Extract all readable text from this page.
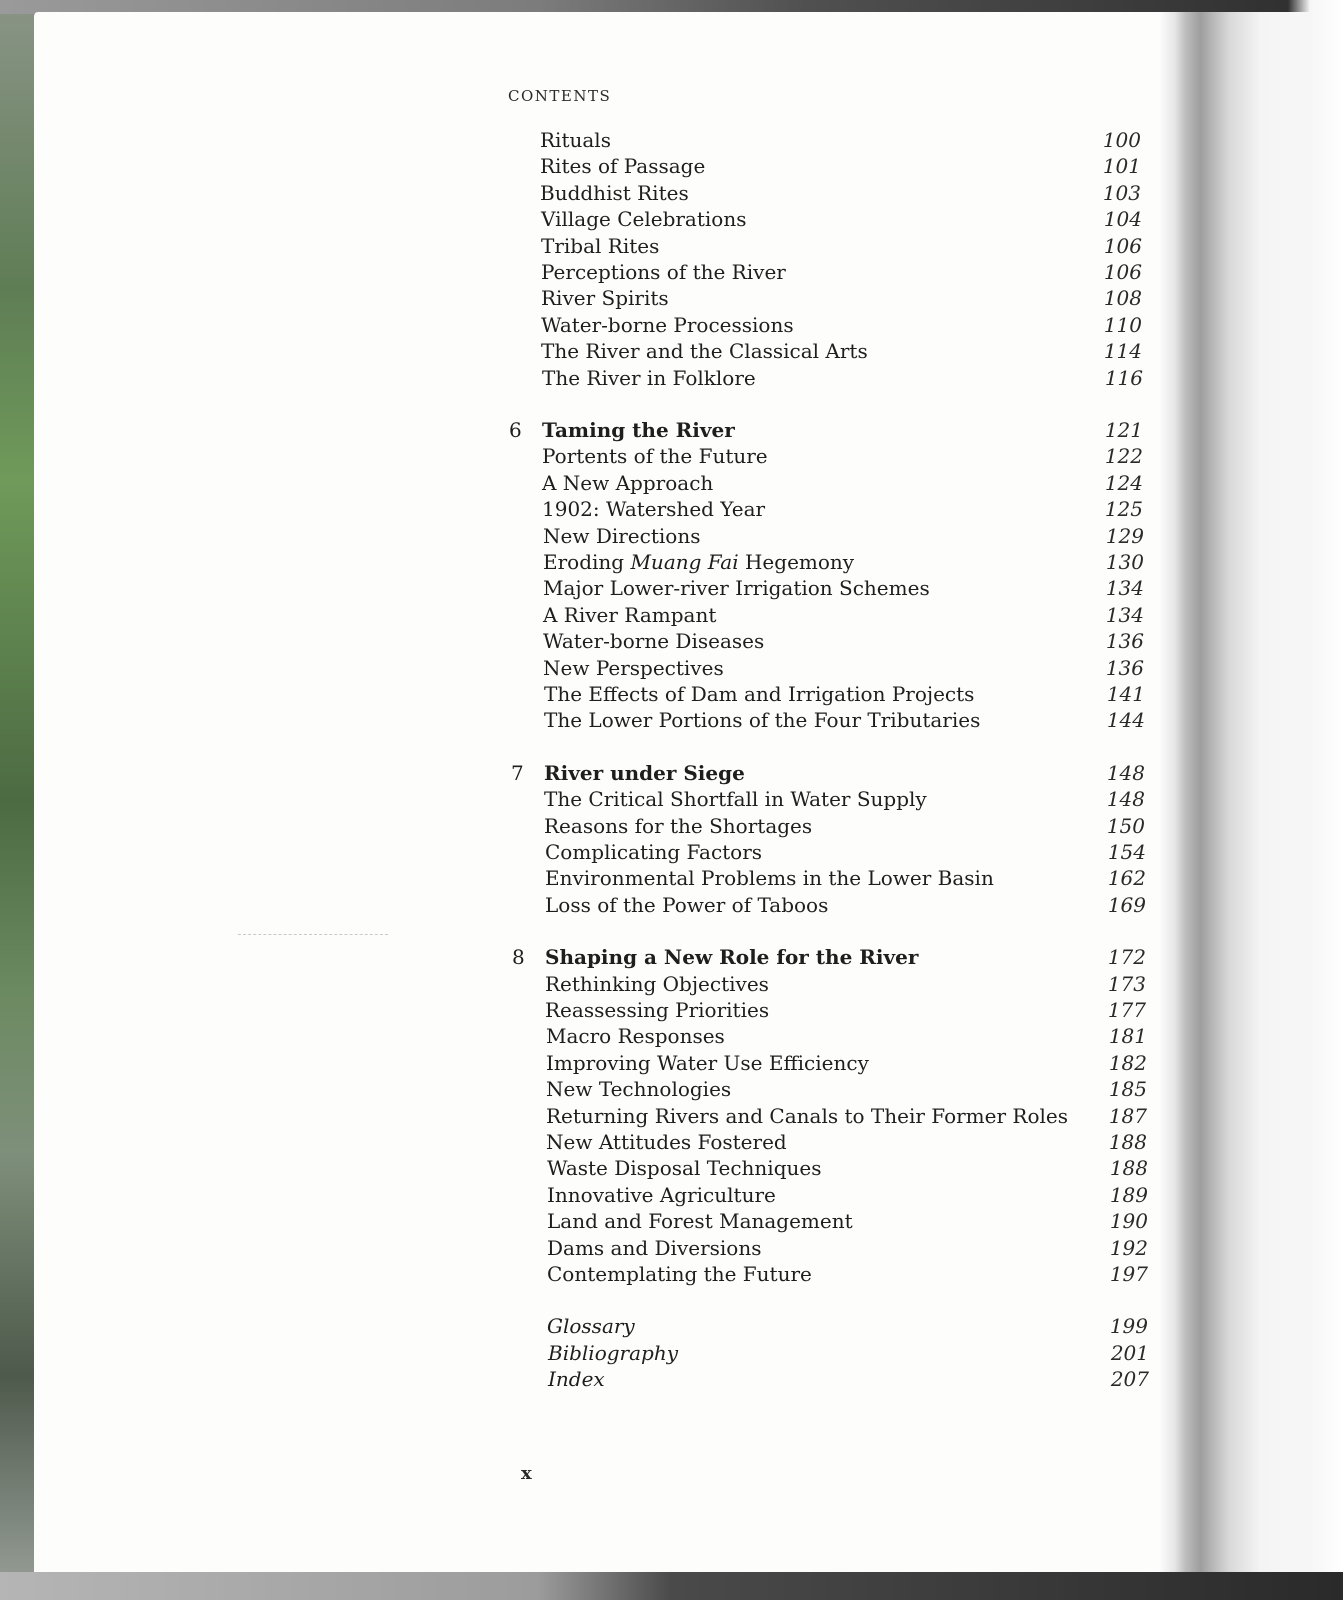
CONTENTS
Rituals	100
Rites of Passage	101
Buddhist Rites	103
Village Celebrations	104
Tribal Rites	106
Perceptions of the River	106
River Spirits	108
Water-borne Processions	110
The River and the Classical Arts	114
The River in Folklore	116
6	Taming the River	121
Portents of the Future	122
A New Approach	124
1902: Watershed Year	125
New Directions	129
Eroding Muang Fai Hegemony	130
Major Lower-river Irrigation Schemes	134
A River Rampant	134
Water-borne Diseases	136
New Perspectives	136
The Effects of Dam and Irrigation Projects	141
The Lower Portions of the Four Tributaries	144
7	River under Siege	148
The Critical Shortfall in Water Supply	148
Reasons for the Shortages	150
Complicating Factors	154
Environmental Problems in the Lower Basin	162
Loss of the Power of Taboos	169
8	Shaping a New Role for the River	172
Rethinking Objectives	173
Reassessing Priorities	177
Macro Responses	181
Improving Water Use Efficiency	182
New Technologies	185
Returning Rivers and Canals to Their Former Roles 187
New Attitudes Fostered	188
Waste Disposal Techniques	188
Innovative Agriculture	189
Land and Forest Management	190
Dams and Diversions	192
Contemplating the Future	197
Glossary	199
Bibliography	201
Index	207
x
